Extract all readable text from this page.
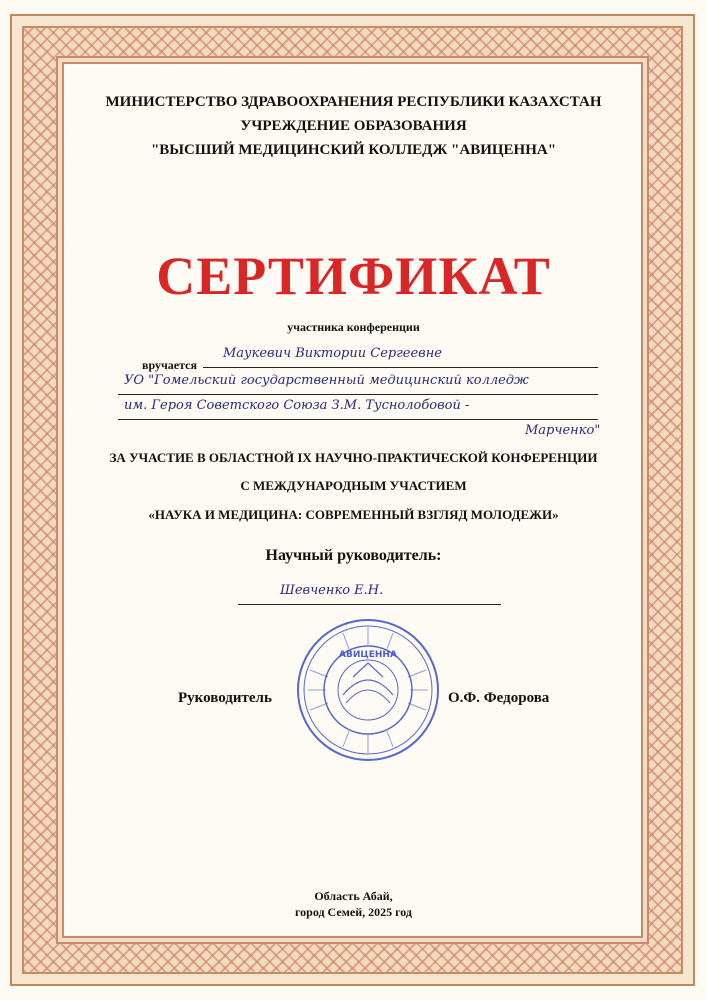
МИНИСТЕРСТВО ЗДРАВООХРАНЕНИЯ РЕСПУБЛИКИ КАЗАХСТАН
УЧРЕЖДЕНИЕ ОБРАЗОВАНИЯ
"ВЫСШИЙ МЕДИЦИНСКИЙ КОЛЛЕДЖ "АВИЦЕННА"
СЕРТИФИКАТ
участника конференции
вручается
Маукевич Виктории Сергеевне
УО "Гомельский государственный медицинский колледж
им. Героя Советского Союза З.М. Туснолобовой -
Марченко"
ЗА УЧАСТИЕ В ОБЛАСТНОЙ IX НАУЧНО-ПРАКТИЧЕСКОЙ КОНФЕРЕНЦИИ
С МЕЖДУНАРОДНЫМ УЧАСТИЕМ
«НАУКА И МЕДИЦИНА: СОВРЕМЕННЫЙ ВЗГЛЯД МОЛОДЕЖИ»
Научный руководитель:
Шевченко Е.Н.
Руководитель	О.Ф. Федорова
АВИЦЕННА
Область Абай,
город Семей, 2025 год
